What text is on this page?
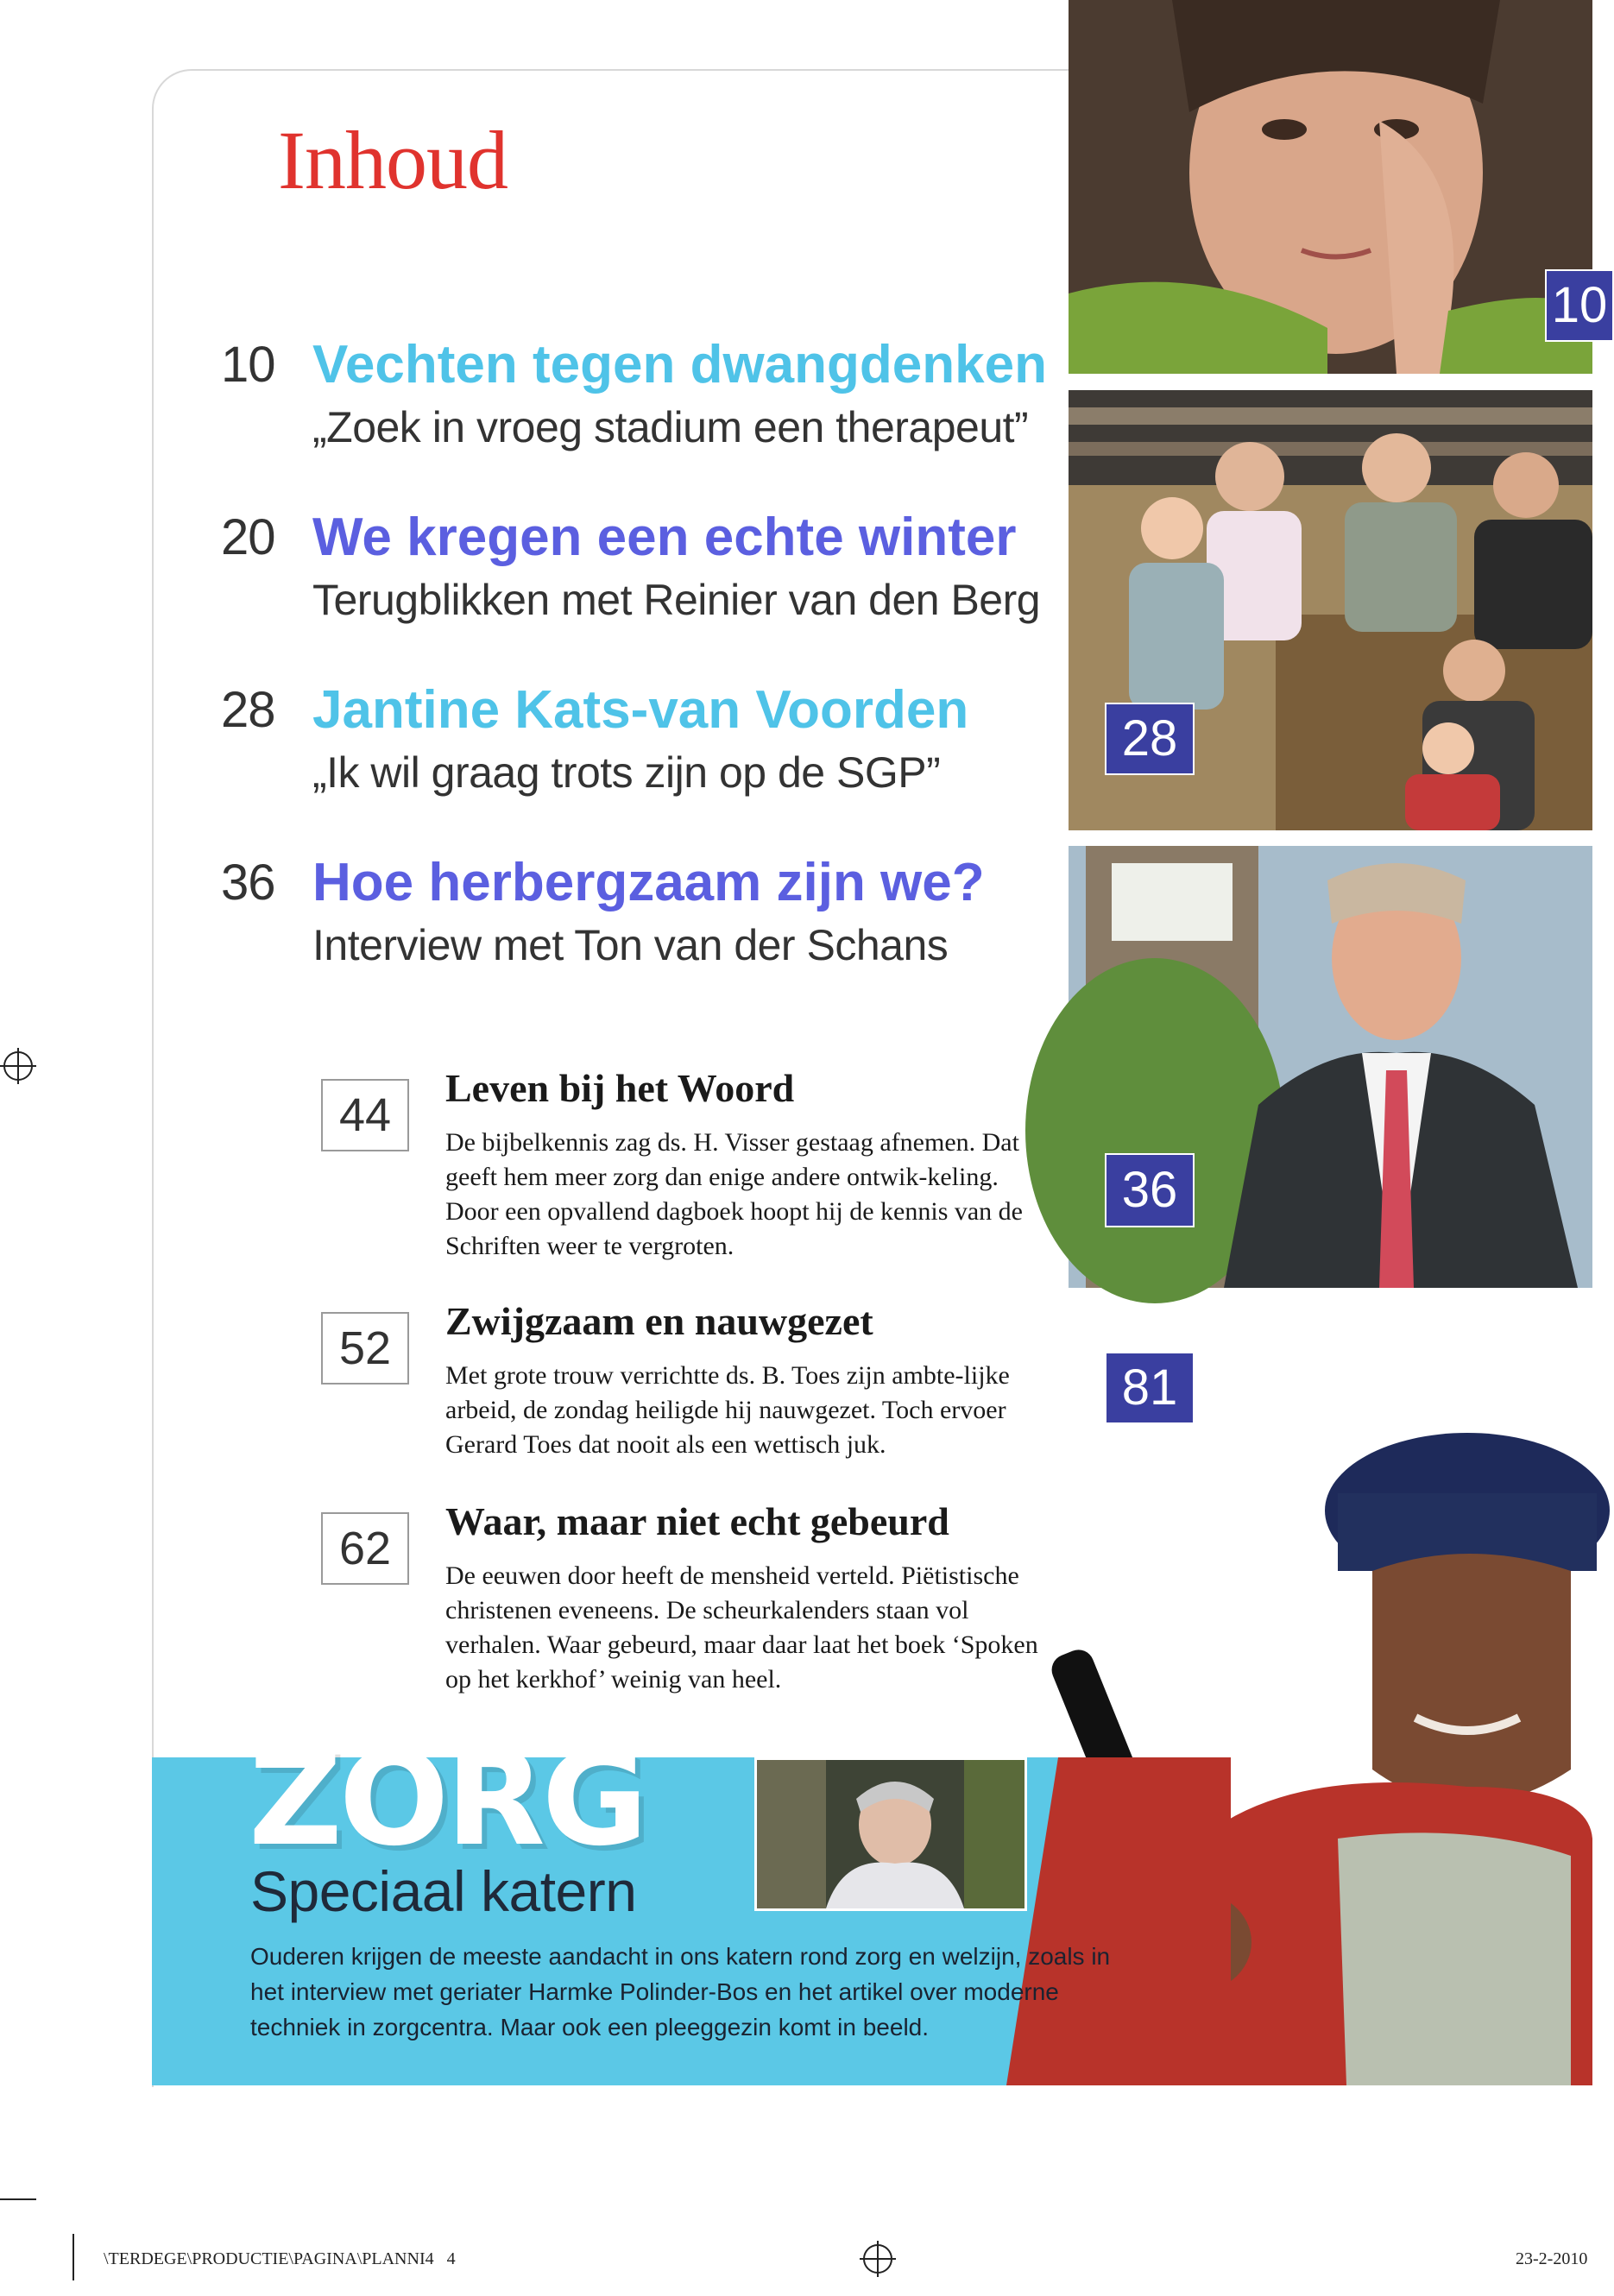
Inhoud
10 Vechten tegen dwangdenken
„Zoek in vroeg stadium een therapeut”
20 We kregen een echte winter
Terugblikken met Reinier van den Berg
28 Jantine Kats-van Voorden
„Ik wil graag trots zijn op de SGP”
36 Hoe herbergzaam zijn we?
Interview met Ton van der Schans
44
Leven bij het Woord
De bijbelkennis zag ds. H. Visser gestaag afnemen. Dat geeft hem meer zorg dan enige andere ontwik-keling. Door een opvallend dagboek hoopt hij de kennis van de Schriften weer te vergroten.
52
Zwijgzaam en nauwgezet
Met grote trouw verrichtte ds. B. Toes zijn ambte-lijke arbeid, de zondag heiligde hij nauwgezet. Toch ervoer Gerard Toes dat nooit als een wettisch juk.
62
Waar, maar niet echt gebeurd
De eeuwen door heeft de mensheid verteld. Piëtistische christenen eveneens. De scheurkalenders staan vol verhalen. Waar gebeurd, maar daar laat het boek ‘Spoken op het kerkhof’ weinig van heel.
10
28
36
ZORG
Speciaal katern
Ouderen krijgen de meeste aandacht in ons katern rond zorg en welzijn, zoals in het interview met geriater Harmke Polinder-Bos en het artikel over moderne techniek in zorgcentra. Maar ook een pleeggezin komt in beeld.
81
\TERDEGE\PRODUCTIE\PAGINA\PLANNI4 4	23-2-2010
